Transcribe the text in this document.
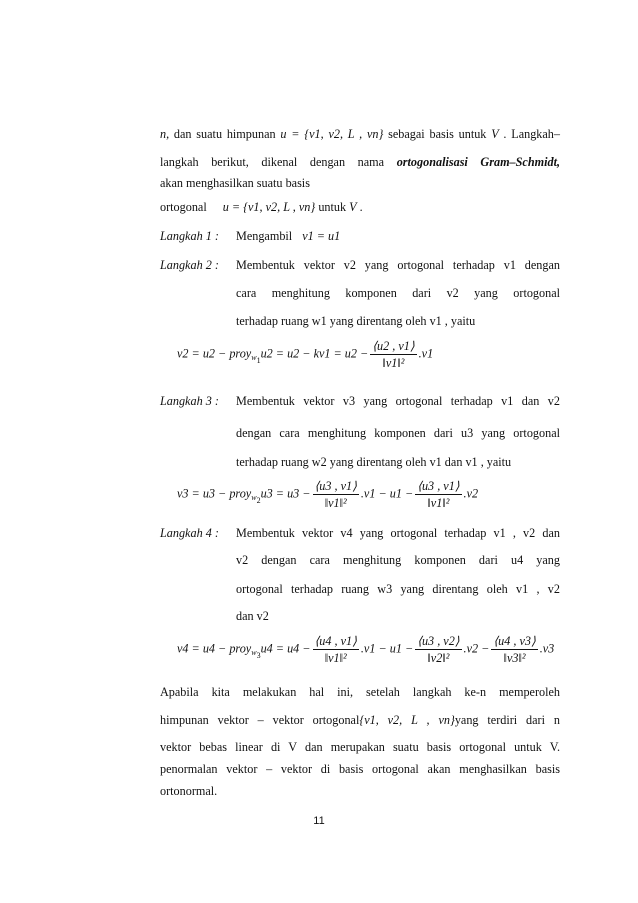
n, dan suatu himpunan u = {v1, v2, L , vn} sebagai basis untuk V . Langkah–
langkah berikut, dikenal dengan nama ortogonalisasi Gram–Schmidt,
akan menghasilkan suatu basis
ortogonal u = {v1, v2, L , vn} untuk V .
Langkah 1 : Mengambil v1 = u1
Langkah 2 : Membentuk vektor v2 yang ortogonal terhadap v1 dengan
cara menghitung komponen dari v2 yang ortogonal
terhadap ruang w1 yang direntang oleh v1 , yaitu
v2 = u2 − proy$_{w_1}$u2 = $u2 - kv1 = u2 - \frac{⟨u2 , v1⟩}{\text{‖v1‖²}} .v1$
Langkah 3 : Membentuk vektor v3 yang ortogonal terhadap v1 dan v2
dengan cara menghitung komponen dari u3 yang ortogonal
terhadap ruang w2 yang direntang oleh v1 dan v1 , yaitu
v3 = u3 − proy$_{w_2}$u3 = $u3 - \frac{⟨u3 , v1⟩}{\text{‖v1‖²}} .v1 - u1 - \frac{⟨u3 , v1⟩}{\text{‖v1‖²}} .v2$
Langkah 4 : Membentuk vektor v4 yang ortogonal terhadap v1 , v2 dan
v2 dengan cara menghitung komponen dari u4 yang
ortogonal terhadap ruang w3 yang direntang oleh v1 , v2
dan v2
v4 = u4 − proy$_{w_3}$u4 = $u4 - \frac{⟨u4 , v1⟩}{\text{‖v1‖²}} .v1 - u1 - \frac{⟨u3 , v2⟩}{\text{‖v2‖²}} .v2 - \frac{⟨u4 , v3⟩}{\text{‖v3‖²}} .v3$
Apabila kita melakukan hal ini, setelah langkah ke-n memperoleh
himpunan vektor – vektor ortogonal{v1, v2, L , vn}yang terdiri dari n
vektor bebas linear di V dan merupakan suatu basis ortogonal untuk V.
penormalan vektor – vektor di basis ortogonal akan menghasilkan basis
ortonormal.
11
